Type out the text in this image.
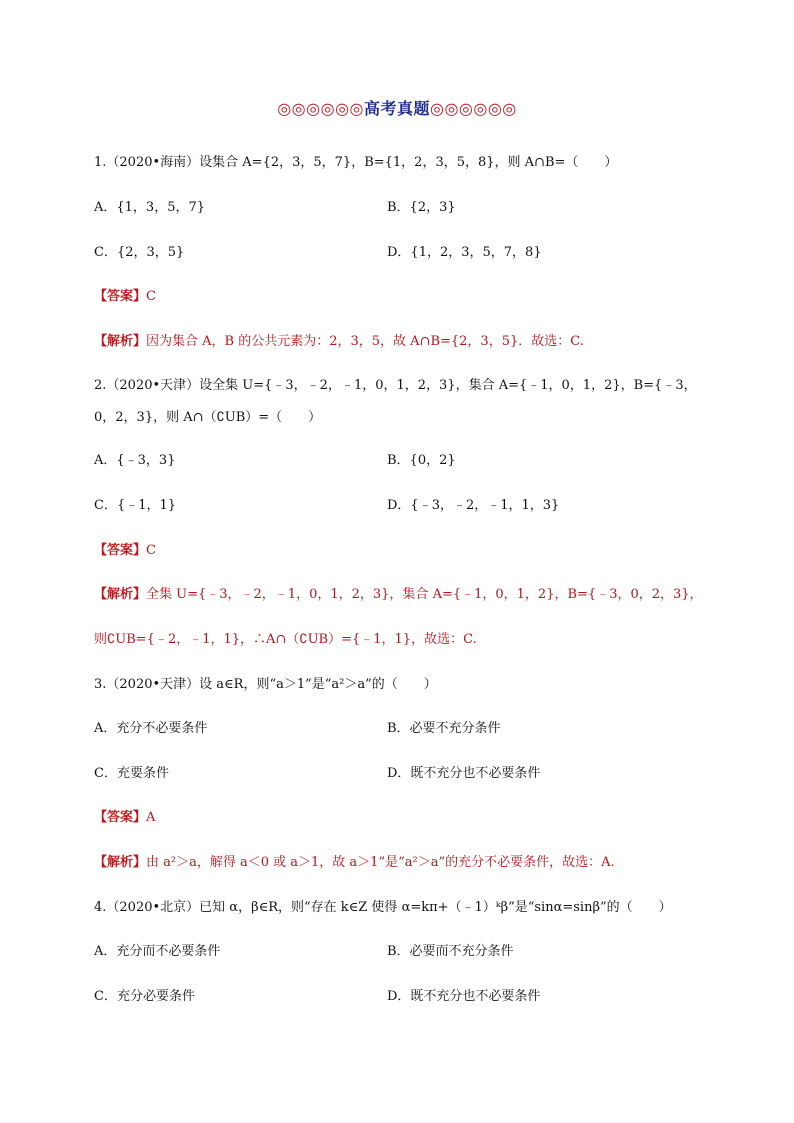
◎◎◎◎◎◎高考真题◎◎◎◎◎◎
1.（2020•海南）设集合 A={2，3，5，7}，B={1，2，3，5，8}，则 A∩B=（　　）
A．{1，3，5，7}	B．{2，3}
C．{2，3，5}	D．{1，2，3，5，7，8}
【答案】C
【解析】因为集合 A，B 的公共元素为：2，3，5，故 A∩B={2，3，5}．故选：C.
2.（2020•天津）设全集 U={﹣3，﹣2，﹣1，0，1，2，3}，集合 A={﹣1，0，1，2}，B={﹣3，
0，2，3}，则 A∩（∁UB）=（　　）
A．{﹣3，3}	B．{0，2}
C．{﹣1，1}	D．{﹣3，﹣2，﹣1，1，3}
【答案】C
【解析】全集 U={﹣3，﹣2，﹣1，0，1，2，3}，集合 A={﹣1，0，1，2}，B={﹣3，0，2，3}，
则∁UB={﹣2，﹣1，1}，∴A∩（∁UB）={﹣1，1}，故选：C.
3.（2020•天津）设 a∈R，则“a＞1”是“a²＞a”的（　　）
A．充分不必要条件	B．必要不充分条件
C．充要条件	D．既不充分也不必要条件
【答案】A
【解析】由 a²＞a，解得 a＜0 或 a＞1，故 a＞1”是“a²＞a”的充分不必要条件，故选：A.
4.（2020•北京）已知 α，β∈R，则“存在 k∈Z 使得 α=kπ+（﹣1）ᵏβ”是“sinα=sinβ”的（　　）
A．充分而不必要条件	B．必要而不充分条件
C．充分必要条件	D．既不充分也不必要条件
